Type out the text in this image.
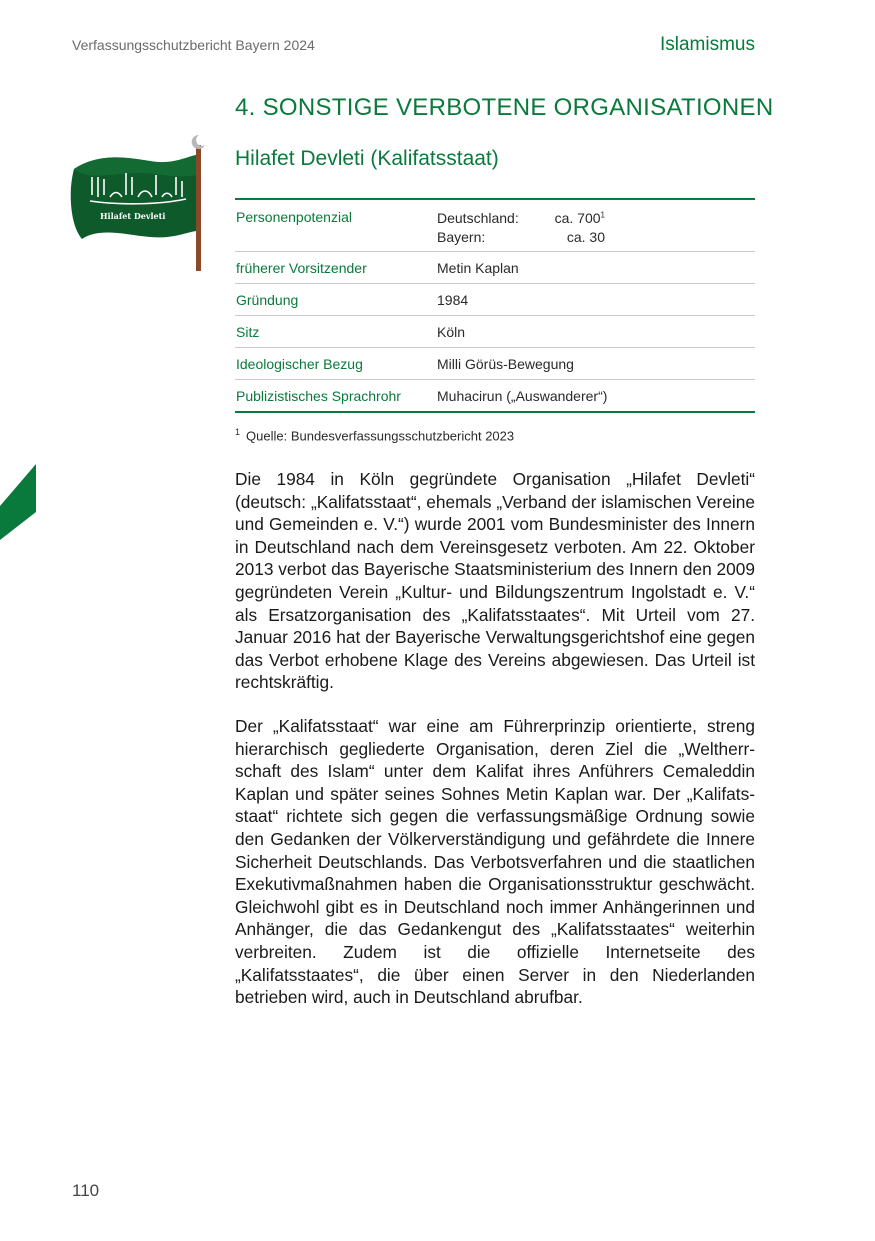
Verfassungsschutzbericht Bayern 2024	Islamismus
4. SONSTIGE VERBOTENE ORGANISATIONEN
Hilafet Devleti
Hilafet Devleti (Kalifatsstaat)
Personenpotenzial	Deutschland:	ca. $700^1$
Bayern:	ca. 30
früherer Vorsitzender	Metin Kaplan
Gründung	1984
Sitz	Köln
Ideologischer Bezug	Milli Görüs-Bewegung
Publizistisches Sprachrohr	Muhacirun („Auswanderer“)
$^1$ Quelle: Bundesverfassungsschutzbericht 2023
Die 1984 in Köln gegründete Organisation „Hilafet Devleti“ (deutsch: „Kalifatsstaat“, ehemals „Verband der islamischen Vereine und Gemeinden e. V.“) wurde 2001 vom Bundesminister des Innern in Deutschland nach dem Vereinsgesetz verboten. Am 22. Oktober 2013 verbot das Bayerische Staatsministerium des Innern den 2009 gegründeten Verein „Kultur- und Bildungszentrum Ingolstadt e. V.“ als Ersatzorganisation des „Kalifatsstaates“. Mit Urteil vom 27. Januar 2016 hat der Bayerische Verwaltungsgerichtshof eine gegen das Verbot erhobene Klage des Vereins abgewiesen. Das Urteil ist rechtskräftig.
Der „Kalifatsstaat“ war eine am Führerprinzip orientierte, streng hierarchisch gegliederte Organisation, deren Ziel die „Weltherrschaft des Islam“ unter dem Kalifat ihres Anführers Cemaleddin Kaplan und später seines Sohnes Metin Kaplan war. Der „Kalifatsstaat“ richtete sich gegen die verfassungsmäßige Ordnung sowie den Gedanken der Völkerverständigung und gefährdete die Innere Sicherheit Deutschlands. Das Verbotsverfahren und die staatlichen Exekutivmaßnahmen haben die Organisationsstruktur geschwächt. Gleichwohl gibt es in Deutschland noch immer Anhängerinnen und Anhänger, die das Gedankengut des „Kalifatsstaates“ weiterhin verbreiten. Zudem ist die offizielle Internetseite des „Kalifatsstaates“, die über einen Server in den Niederlanden betrieben wird, auch in Deutschland abrufbar.
110
